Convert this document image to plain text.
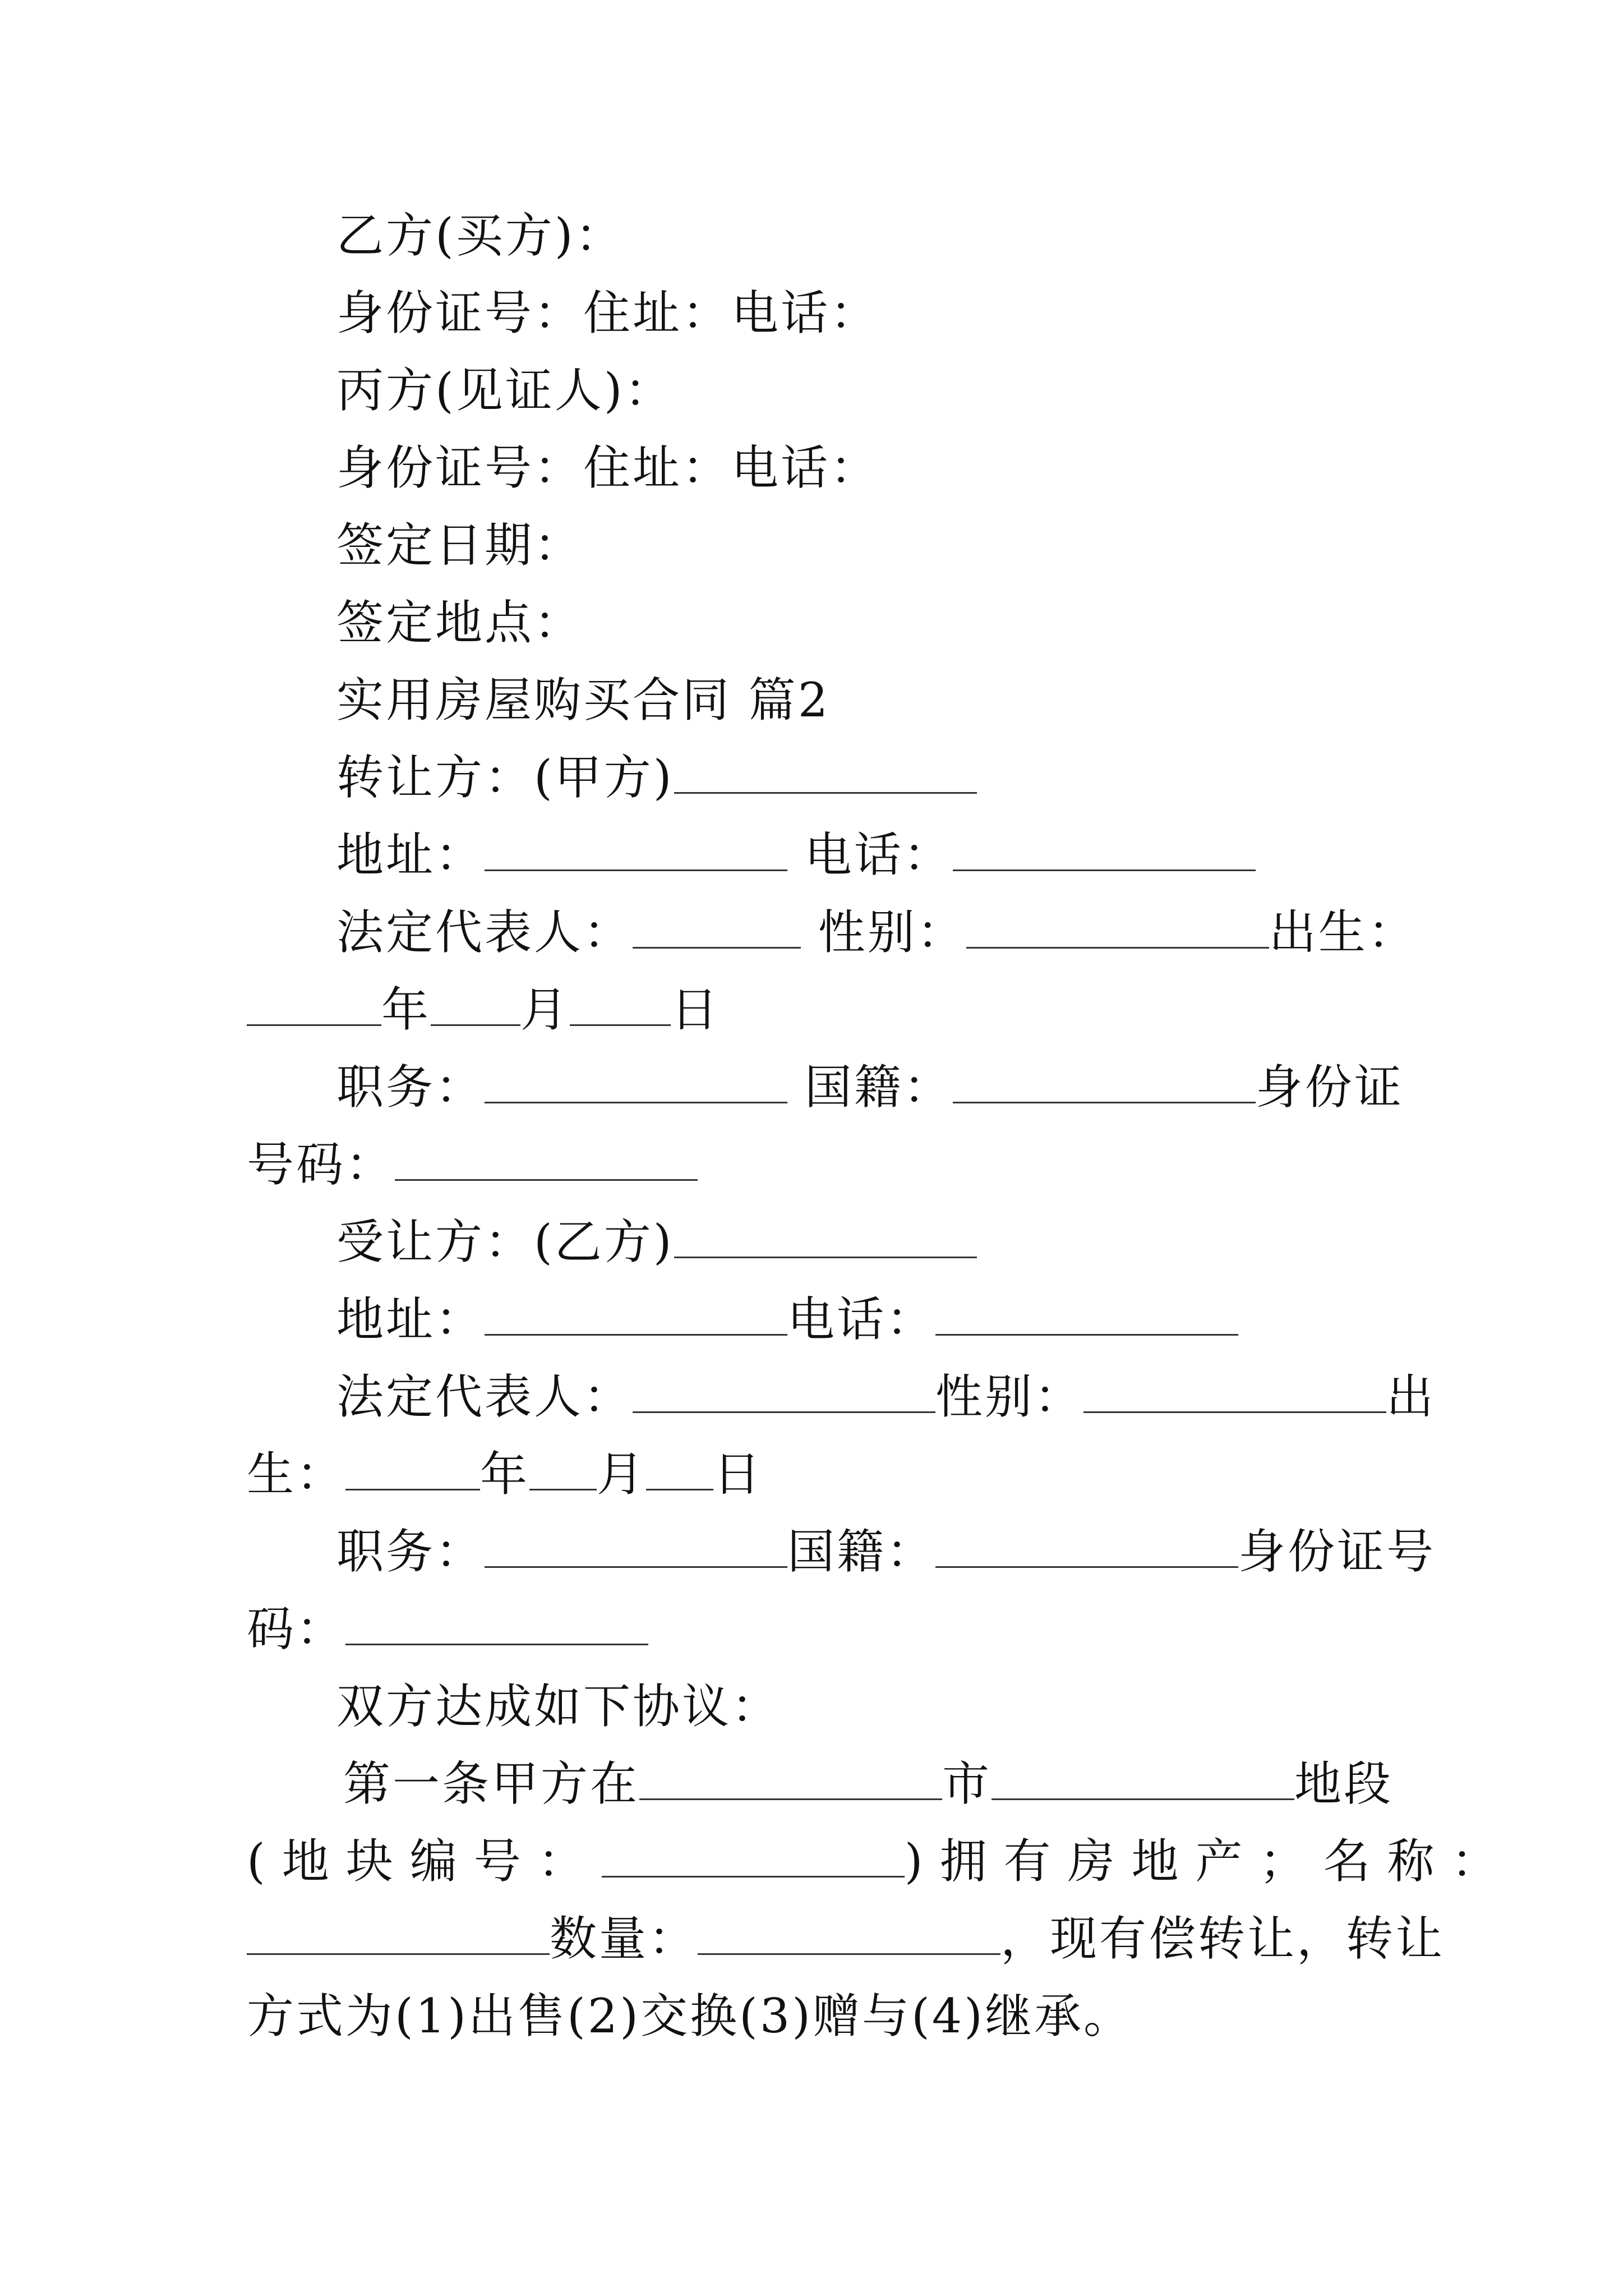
乙方(买方)：
身份证号：住址：电话：
丙方(见证人)：
身份证号：住址：电话：
签定日期：
签定地点：
实用房屋购买合同 篇2
转让方：(甲方)
地址：	电话：
法定代表人：	性别：	出生：
年 月 日
职务：	国籍：	身份证
号码：
受让方：(乙方)
地址：	电话：
法定代表人：	性别：	出
生：	年 月 日
职务：	国籍：	身份证号
码：
双方达成如下协议：
第一条甲方在	市	地段
(地块编号：	)拥有房地产；名称：
数量：	，现有偿转让，转让
方式为(1)出售(2)交换(3)赠与(4)继承。
